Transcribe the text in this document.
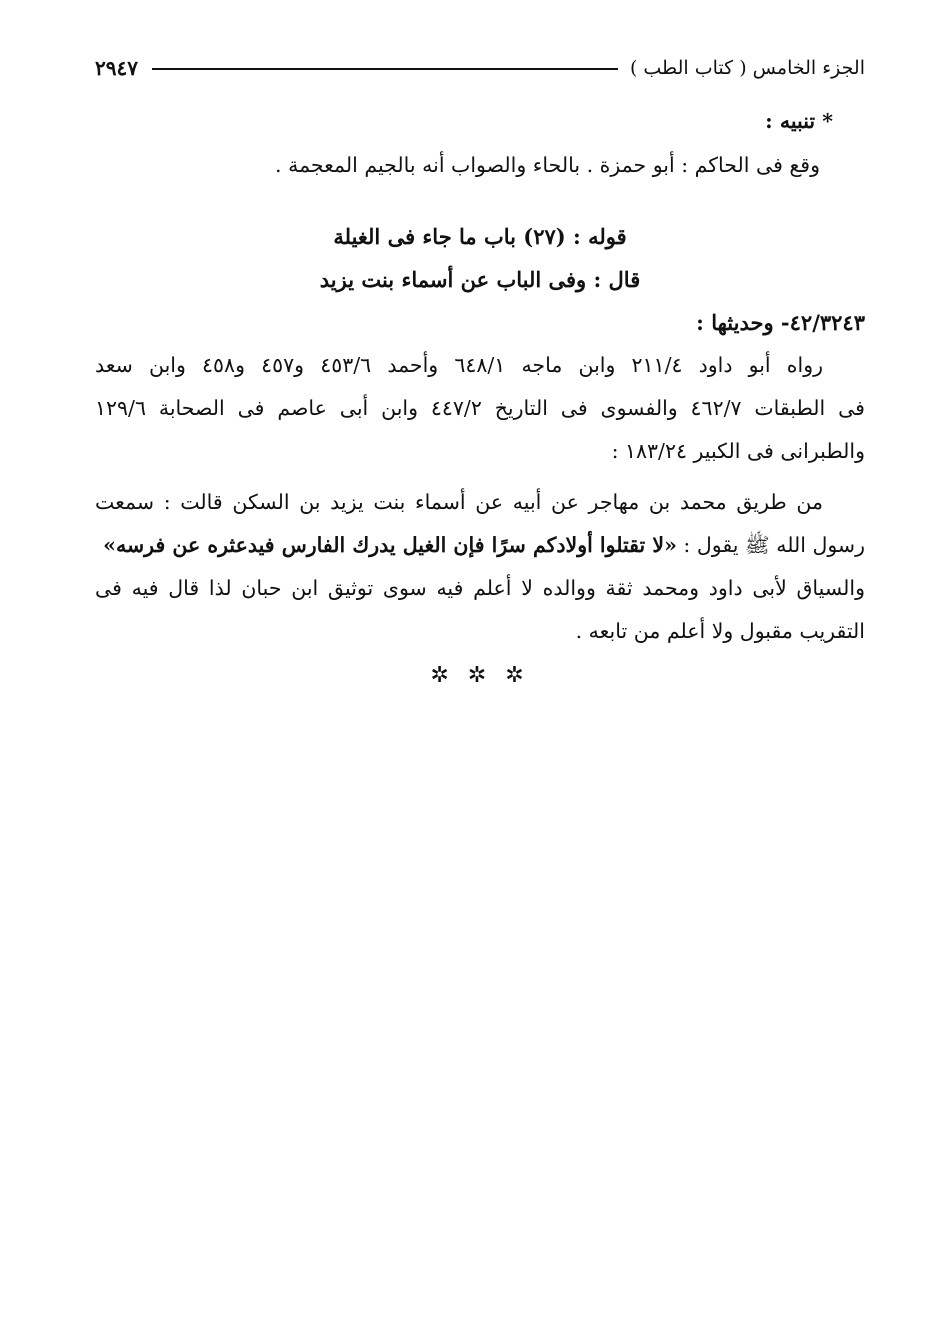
الجزء الخامس ( كتاب الطب )
٢٩٤٧
* تنبيه :
وقع فى الحاكم : أبو حمزة . بالحاء والصواب أنه بالجيم المعجمة .
قوله : (٢٧) باب ما جاء فى الغيلة
قال : وفى الباب عن أسماء بنت يزيد
٤٢/٣٢٤٣- وحديثها :
رواه أبو داود ٢١١/٤ وابن ماجه ٦٤٨/١ وأحمد ٤٥٣/٦ و٤٥٧ و٤٥٨ وابن سعد
فى الطبقات ٤٦٢/٧ والفسوى فى التاريخ ٤٤٧/٢ وابن أبى عاصم فى الصحابة ١٢٩/٦
والطبرانى فى الكبير ١٨٣/٢٤ :
من طريق محمد بن مهاجر عن أبيه عن أسماء بنت يزيد بن السكن قالت : سمعت
رسول الله ﷺ يقول : «لا تقتلوا أولادكم سرًا فإن الغيل يدرك الفارس فيدعثره عن فرسه»
والسياق لأبى داود ومحمد ثقة ووالده لا أعلم فيه سوى توثيق ابن حبان لذا قال فيه فى
التقريب مقبول ولا أعلم من تابعه .
✲ ✲ ✲
